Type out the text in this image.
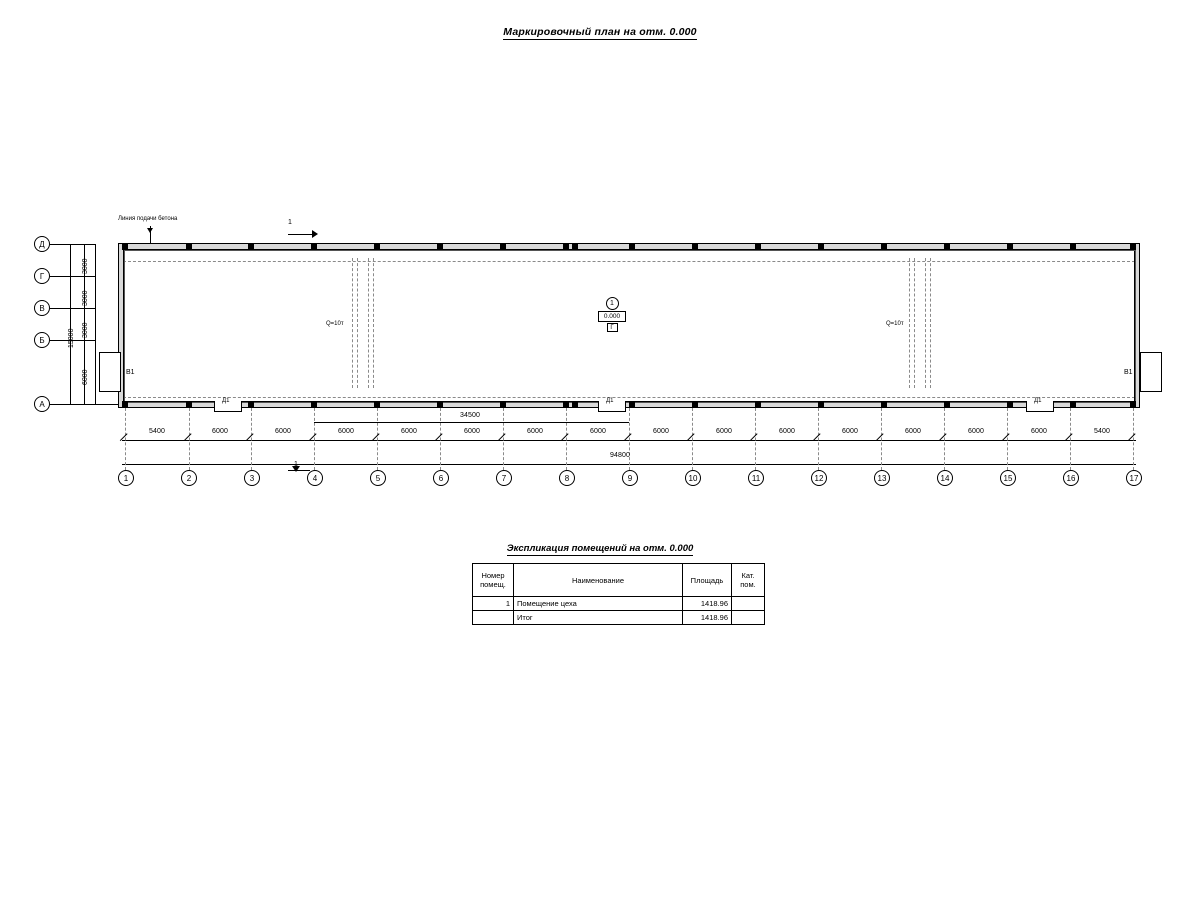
Маркировочный план на отм. 0.000
Д
Г
В
Б
А
3000
3000
3000
6000
15000
В1	В1
Д1	Д1	Д1
Q=10т	Q=10т
Линия подачи бетона	1
1
0.000
Г
5400	6000	6000	6000	6000	6000	6000	6000	6000	6000	6000	6000	6000	6000	6000	5400
34500
94800
1	2	3	4	5	6	7	8	9	10	11	12	13	14	15	16	17
Экспликация помещений на отм. 0.000
Номер
помещ.	Наименование	Площадь	Кат.
пом.

1	Помещение цеха	1418.96	
	Итог	1418.96	
